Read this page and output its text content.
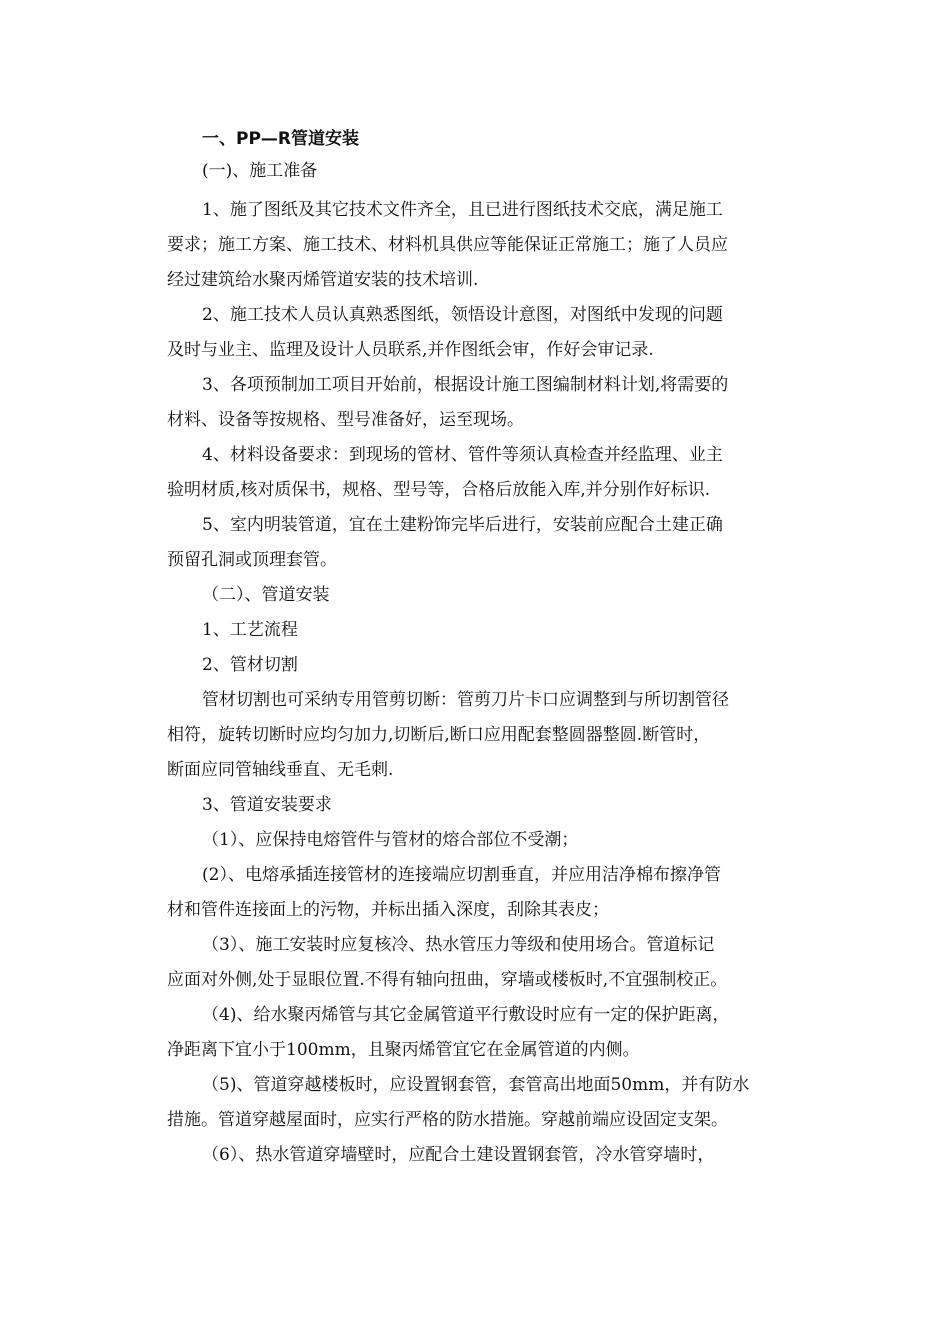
一、PP—R管道安装

(一)、施工准备

1、施了图纸及其它技术文件齐全，且已进行图纸技术交底，满足施工

要求；施工方案、施工技术、材料机具供应等能保证正常施工；施了人员应

经过建筑给水聚丙烯管道安装的技术培训.

2、施工技术人员认真熟悉图纸，领悟设计意图，对图纸中发现的问题

及时与业主、监理及设计人员联系,并作图纸会审，作好会审记录.

3、各项预制加工项目开始前，根据设计施工图编制材料计划,将需要的

材料、设备等按规格、型号准备好，运至现场。

4、材料设备要求：到现场的管材、管件等须认真检查并经监理、业主

验明材质,核对质保书，规格、型号等，合格后放能入库,并分别作好标识.

5、室内明装管道，宜在土建粉饰完毕后进行，安装前应配合土建正确

预留孔洞或顶理套管。

（二）、管道安装

1、工艺流程

2、管材切割

管材切割也可采纳专用管剪切断：管剪刀片卡口应调整到与所切割管径

相符，旋转切断时应均匀加力,切断后,断口应用配套整圆器整圆.断管时，

断面应同管轴线垂直、无毛刺.

3、管道安装要求

（1）、应保持电熔管件与管材的熔合部位不受潮；

(2）、电熔承插连接管材的连接端应切割垂直，并应用洁净棉布擦净管

材和管件连接面上的污物，并标出插入深度，刮除其表皮；

（3）、施工安装时应复核冷、热水管压力等级和使用场合。管道标记

应面对外侧,处于显眼位置.不得有轴向扭曲，穿墙或楼板时,不宜强制校正。

（4)、给水聚丙烯管与其它金属管道平行敷设时应有一定的保护距离，

净距离下宜小于100mm，且聚丙烯管宜它在金属管道的内侧。

（5)、管道穿越楼板时，应设置钢套管，套管高出地面50mm，并有防水

措施。管道穿越屋面时，应实行严格的防水措施。穿越前端应设固定支架。

（6）、热水管道穿墙壁时，应配合土建设置钢套管，冷水管穿墙时，
